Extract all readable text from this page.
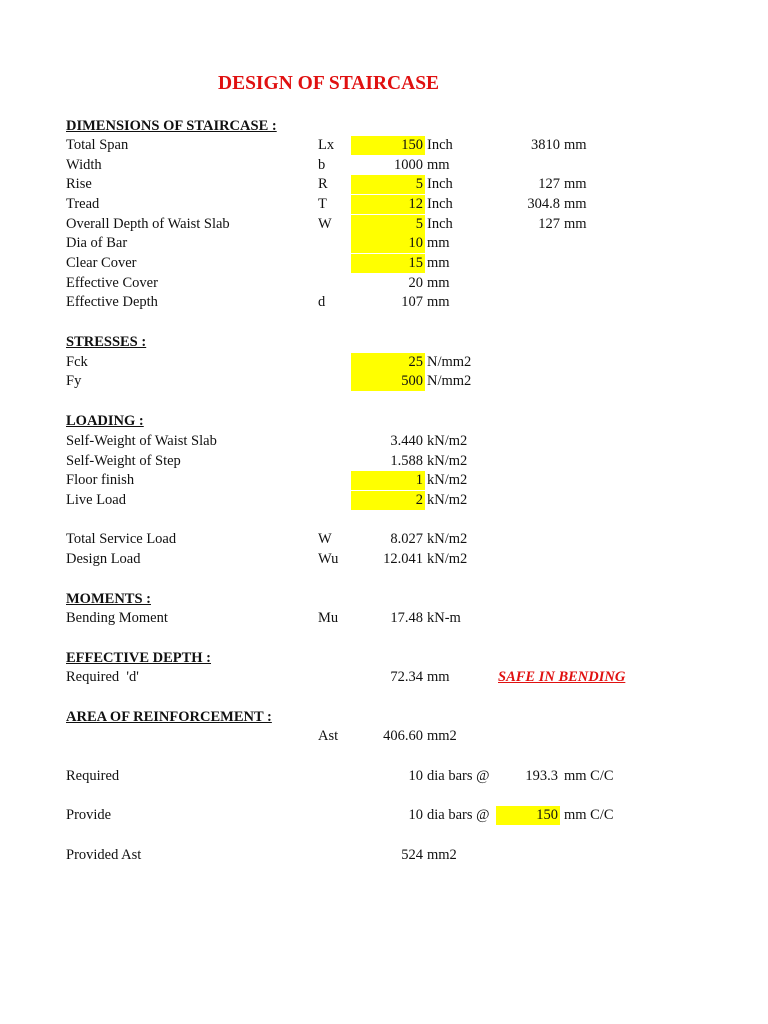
DESIGN OF STAIRCASE
DIMENSIONS OF STAIRCASE :
Total Span	Lx	150 Inch	3810 mm
Width	b	1000 mm
Rise	R	5 Inch	127 mm
Tread	T	12 Inch	304.8 mm
Overall Depth of Waist Slab	W	5 Inch	127 mm
Dia of Bar	10 mm
Clear Cover	15 mm
Effective Cover	20 mm
Effective Depth	d	107 mm
STRESSES :
Fck	25 N/mm2
Fy	500 N/mm2
LOADING :
Self-Weight of Waist Slab	3.440 kN/m2
Self-Weight of Step	1.588 kN/m2
Floor finish	1 kN/m2
Live Load	2 kN/m2
Total Service Load	W	8.027 kN/m2
Design Load	Wu	12.041 kN/m2
MOMENTS :
Bending Moment	Mu	17.48 kN-m
EFFECTIVE DEPTH :
Required  'd'	72.34 mm	SAFE IN BENDING
AREA OF REINFORCEMENT :
Ast	406.60 mm2
Required	10 dia bars @	193.3 mm C/C
Provide	10 dia bars @	150 mm C/C
Provided Ast	524 mm2
